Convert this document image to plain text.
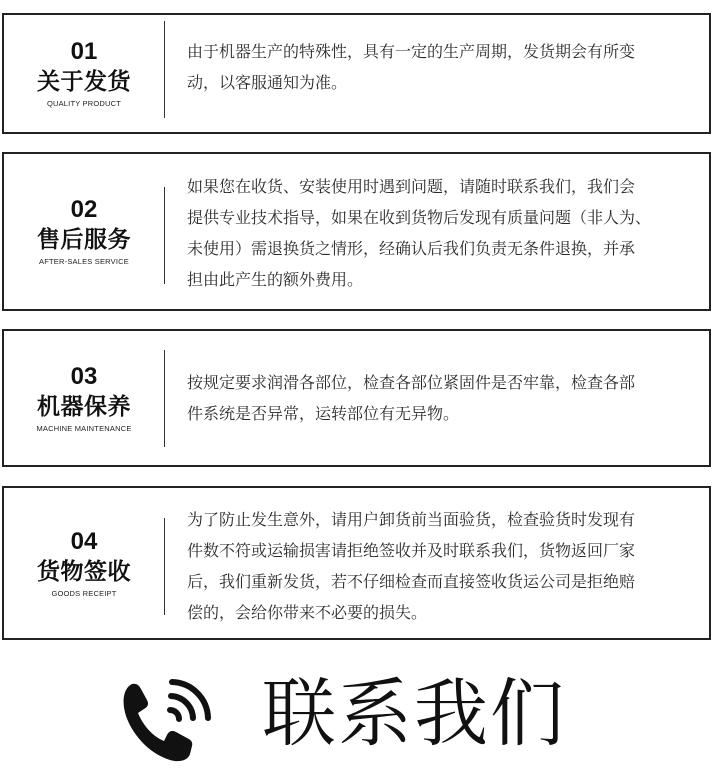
01
关于发货
QUALITY PRODUCT
由于机器生产的特殊性，具有一定的生产周期，发货期会有所变
动，以客服通知为准。
02
售后服务
AFTER-SALES SERVICE
如果您在收货、安装使用时遇到问题，请随时联系我们，我们会
提供专业技术指导，如果在收到货物后发现有质量问题（非人为、
未使用）需退换货之情形，经确认后我们负责无条件退换，并承
担由此产生的额外费用。
03
机器保养
MACHINE MAINTENANCE
按规定要求润滑各部位，检查各部位紧固件是否牢靠，检查各部
件系统是否异常，运转部位有无异物。
04
货物签收
GOODS RECEIPT
为了防止发生意外，请用户卸货前当面验货，检查验货时发现有
件数不符或运输损害请拒绝签收并及时联系我们，货物返回厂家
后，我们重新发货，若不仔细检查而直接签收货运公司是拒绝赔
偿的，会给你带来不必要的损失。
联系我们
